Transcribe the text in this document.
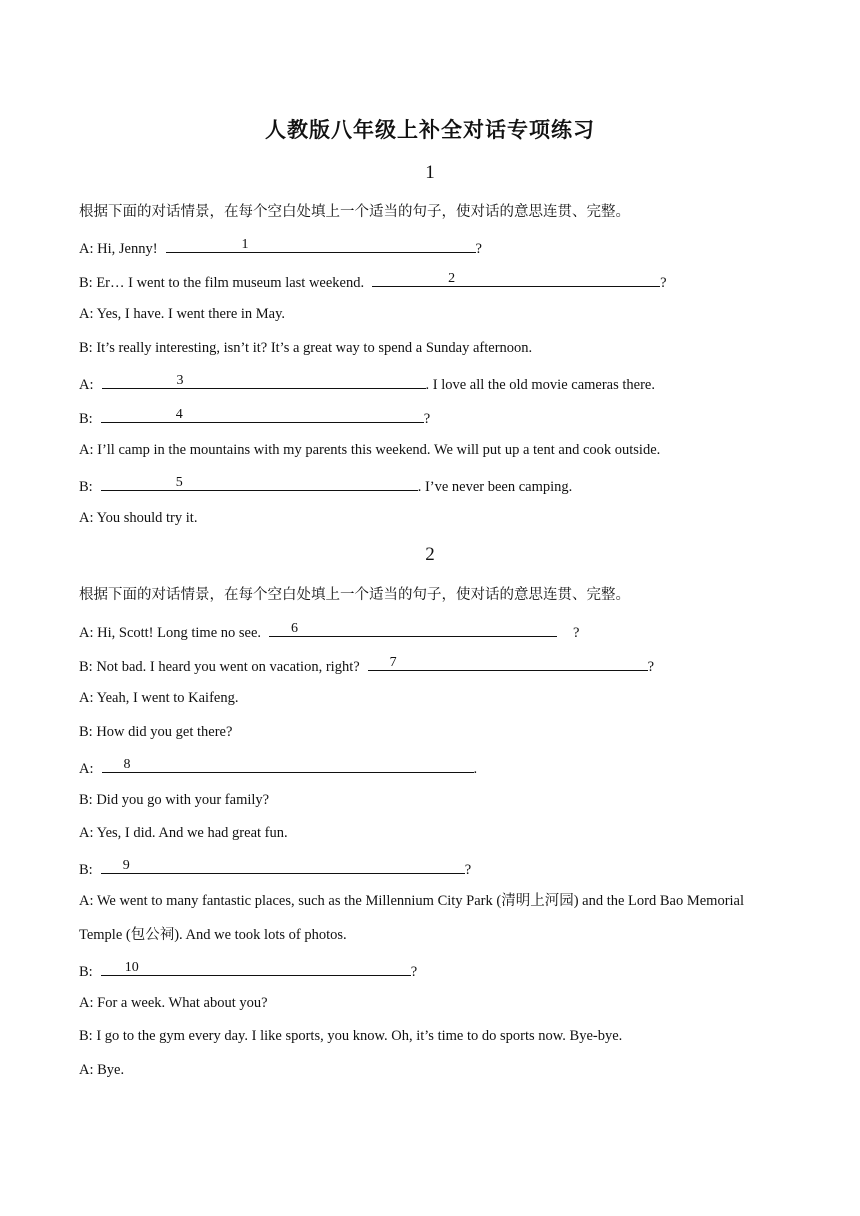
人教版八年级上补全对话专项练习
1
根据下面的对话情景，在每个空白处填上一个适当的句子，使对话的意思连贯、完整。
A: Hi, Jenny!	1	?
B: Er… I went to the film museum last weekend.	2	?
A: Yes, I have. I went there in May.
B: It’s really interesting, isn’t it? It’s a great way to spend a Sunday afternoon.
A:	3	. I love all the old movie cameras there.
B:	4	?
A: I’ll camp in the mountains with my parents this weekend. We will put up a tent and cook outside.
B:	5	. I’ve never been camping.
A: You should try it.
2
根据下面的对话情景，在每个空白处填上一个适当的句子，使对话的意思连贯、完整。
A: Hi, Scott! Long time no see. 6	?
B: Not bad. I heard you went on vacation, right? 7	?
A: Yeah, I went to Kaifeng.
B: How did you get there?
A: 8	.
B: Did you go with your family?
A: Yes, I did. And we had great fun.
B: 9	?
A: We went to many fantastic places, such as the Millennium City Park (清明上河园) and the Lord Bao Memorial
Temple (包公祠). And we took lots of photos.
B: 10	?
A: For a week. What about you?
B: I go to the gym every day. I like sports, you know. Oh, it’s time to do sports now. Bye-bye.
A: Bye.
